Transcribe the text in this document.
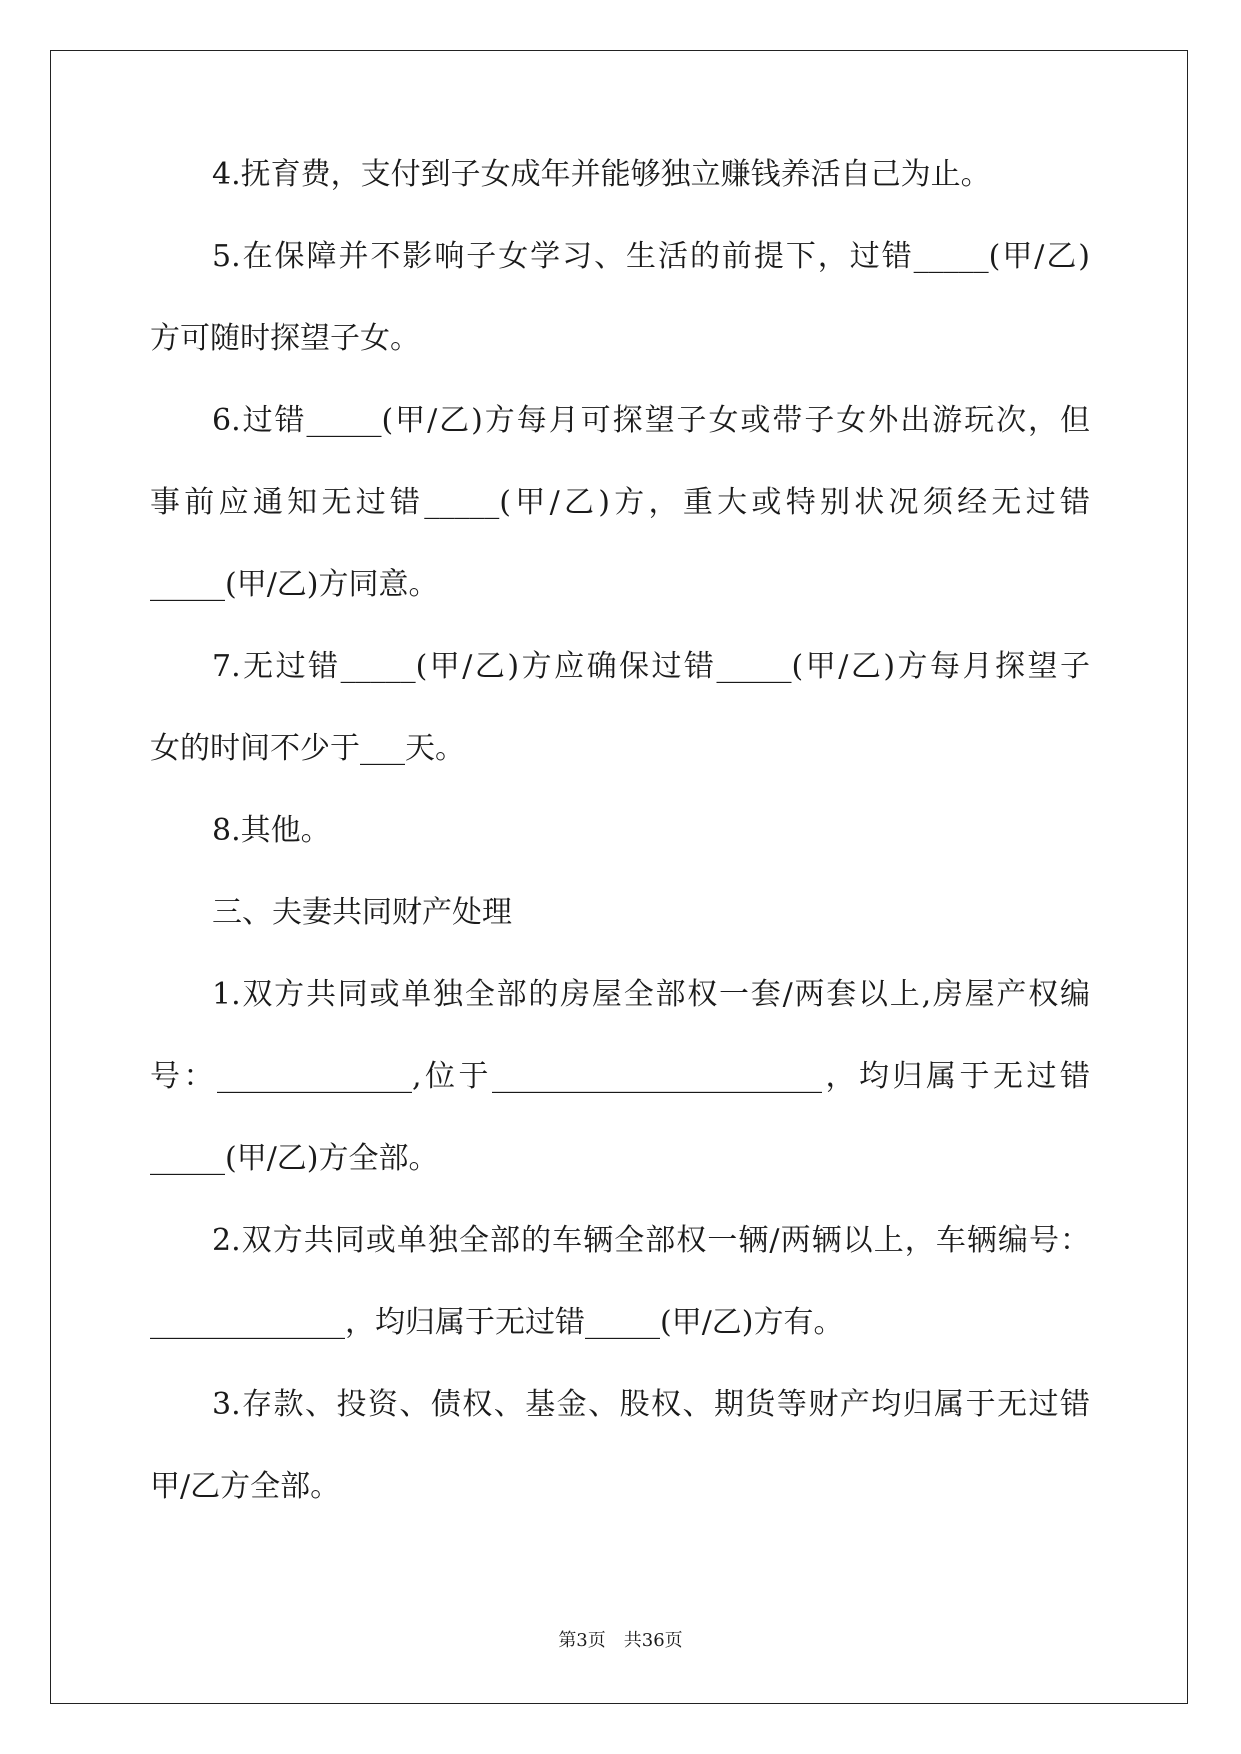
4.抚育费，支付到子女成年并能够独立赚钱养活自己为止。
5.在保障并不影响子女学习、生活的前提下，过错_____(甲/乙)
方可随时探望子女。
6.过错_____(甲/乙)方每月可探望子女或带子女外出游玩次，但
事前应通知无过错_____(甲/乙)方，重大或特别状况须经无过错
_____(甲/乙)方同意。
7.无过错_____(甲/乙)方应确保过错_____(甲/乙)方每月探望子
女的时间不少于___天。
8.其他。
三、夫妻共同财产处理
1.双方共同或单独全部的房屋全部权一套/两套以上,房屋产权编
号：_____________,位于______________________，均归属于无过错
_____(甲/乙)方全部。
2.双方共同或单独全部的车辆全部权一辆/两辆以上，车辆编号：
_____________，均归属于无过错_____(甲/乙)方有。
3.存款、投资、债权、基金、股权、期货等财产均归属于无过错
甲/乙方全部。
第3页 共36页
